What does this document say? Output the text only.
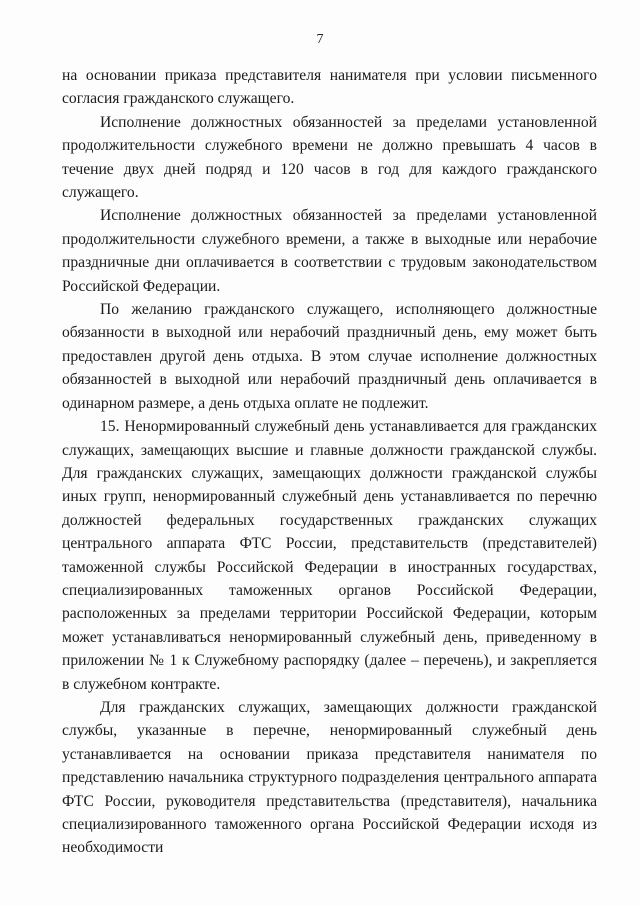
7

на основании приказа представителя нанимателя при условии письменного согласия гражданского служащего.

Исполнение должностных обязанностей за пределами установленной продолжительности служебного времени не должно превышать 4 часов в течение двух дней подряд и 120 часов в год для каждого гражданского служащего.

Исполнение должностных обязанностей за пределами установленной продолжительности служебного времени, а также в выходные или нерабочие праздничные дни оплачивается в соответствии с трудовым законодательством Российской Федерации.

По желанию гражданского служащего, исполняющего должностные обязанности в выходной или нерабочий праздничный день, ему может быть предоставлен другой день отдыха. В этом случае исполнение должностных обязанностей в выходной или нерабочий праздничный день оплачивается в одинарном размере, а день отдыха оплате не подлежит.

15. Ненормированный служебный день устанавливается для гражданских служащих, замещающих высшие и главные должности гражданской службы. Для гражданских служащих, замещающих должности гражданской службы иных групп, ненормированный служебный день устанавливается по перечню должностей федеральных государственных гражданских служащих центрального аппарата ФТС России, представительств (представителей) таможенной службы Российской Федерации в иностранных государствах, специализированных таможенных органов Российской Федерации, расположенных за пределами территории Российской Федерации, которым может устанавливаться ненормированный служебный день, приведенному в приложении № 1 к Служебному распорядку (далее – перечень), и закрепляется в служебном контракте.

Для гражданских служащих, замещающих должности гражданской службы, указанные в перечне, ненормированный служебный день устанавливается на основании приказа представителя нанимателя по представлению начальника структурного подразделения центрального аппарата ФТС России, руководителя представительства (представителя), начальника специализированного таможенного органа Российской Федерации исходя из необходимости
